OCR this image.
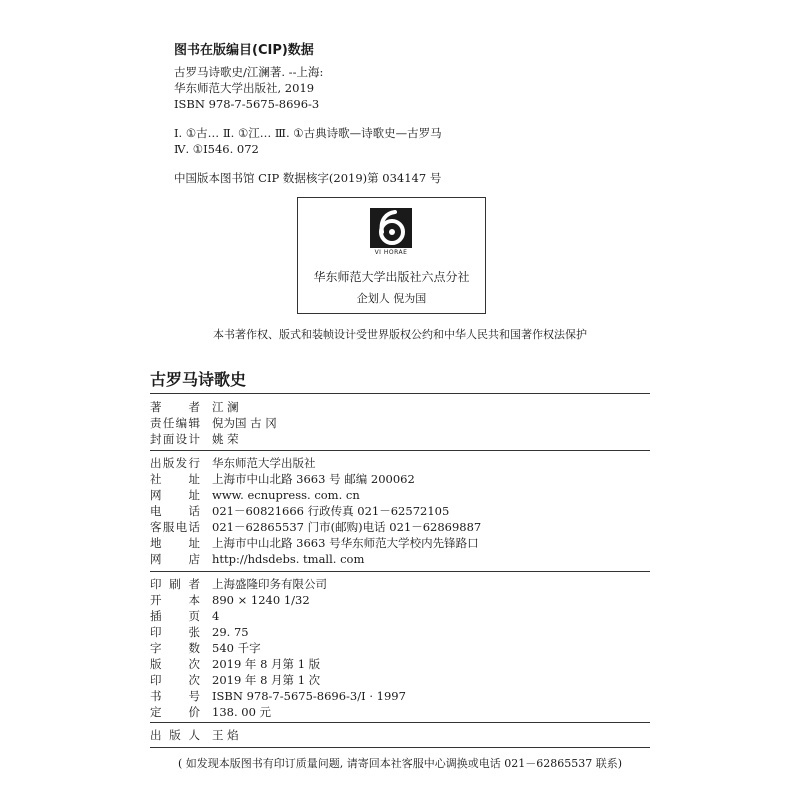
图书在版编目(CIP)数据
古罗马诗歌史/江澜著. --上海:
华东师范大学出版社, 2019
ISBN 978-7-5675-8696-3
Ⅰ. ①古… Ⅱ. ①江… Ⅲ. ①古典诗歌—诗歌史—古罗马
Ⅳ. ①I546. 072
中国版本图书馆 CIP 数据核字(2019)第 034147 号
VI HORAE
华东师范大学出版社六点分社
企划人 倪为国
本书著作权、版式和装帧设计受世界版权公约和中华人民共和国著作权法保护
古罗马诗歌史
著者 江 澜
责任编辑 倪为国 古 冈
封面设计 姚 荣
出版发行 华东师范大学出版社
社址 上海市中山北路 3663 号 邮编 200062
网址 www. ecnupress. com. cn
电话 021－60821666 行政传真 021－62572105
客服电话 021－62865537 门市(邮购)电话 021－62869887
地址 上海市中山北路 3663 号华东师范大学校内先锋路口
网店 http://hdsdebs. tmall. com
印刷者 上海盛隆印务有限公司
开本 890 × 1240 1/32
插页 4
印张 29. 75
字数 540 千字
版次 2019 年 8 月第 1 版
印次 2019 年 8 月第 1 次
书号 ISBN 978-7-5675-8696-3/I · 1997
定价 138. 00 元
出版人 王 焰
( 如发现本版图书有印订质量问题, 请寄回本社客服中心调换或电话 021－62865537 联系)
